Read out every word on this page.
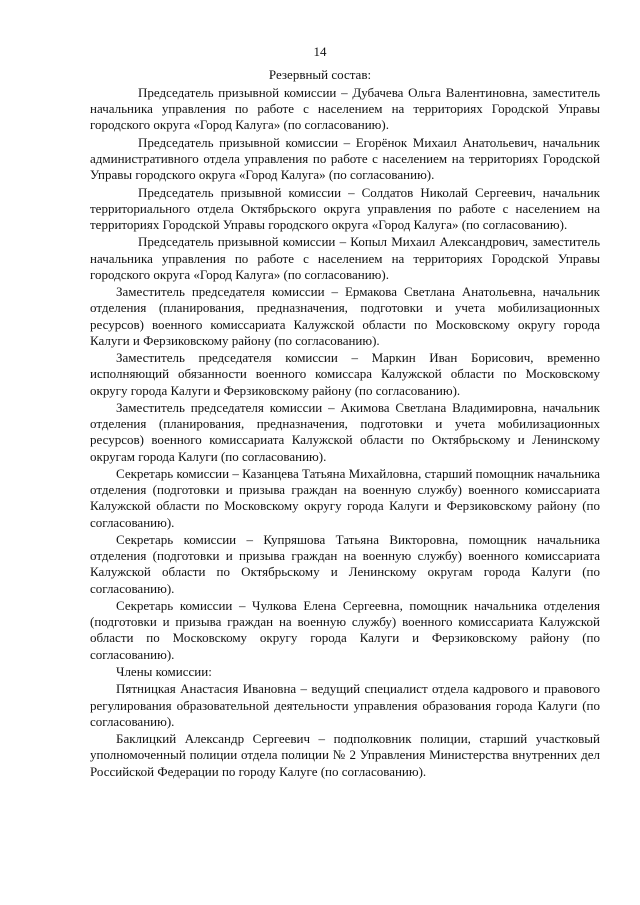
14
Резервный состав:

Председатель призывной комиссии – Дубачева Ольга Валентиновна, заместитель начальника управления по работе с населением на территориях Городской Управы городского округа «Город Калуга» (по согласованию).

Председатель призывной комиссии – Егорёнок Михаил Анатольевич, начальник административного отдела управления по работе с населением на территориях Городской Управы городского округа «Город Калуга» (по согласованию).

Председатель призывной комиссии – Солдатов Николай Сергеевич, начальник территориального отдела Октябрьского округа управления по работе с населением на территориях Городской Управы городского округа «Город Калуга» (по согласованию).

Председатель призывной комиссии – Копыл Михаил Александрович, заместитель начальника управления по работе с населением на территориях Городской Управы городского округа «Город Калуга» (по согласованию).

Заместитель председателя комиссии – Ермакова Светлана Анатольевна, начальник отделения (планирования, предназначения, подготовки и учета мобилизационных ресурсов) военного комиссариата Калужской области по Московскому округу города Калуги и Ферзиковскому району (по согласованию).

Заместитель председателя комиссии – Маркин Иван Борисович, временно исполняющий обязанности военного комиссара Калужской области по Московскому округу города Калуги и Ферзиковскому району (по согласованию).

Заместитель председателя комиссии – Акимова Светлана Владимировна, начальник отделения (планирования, предназначения, подготовки и учета мобилизационных ресурсов) военного комиссариата Калужской области по Октябрьскому и Ленинскому округам города Калуги (по согласованию).

Секретарь комиссии – Казанцева Татьяна Михайловна, старший помощник начальника отделения (подготовки и призыва граждан на военную службу) военного комиссариата Калужской области по Московскому округу города Калуги и Ферзиковскому району (по согласованию).

Секретарь комиссии – Купряшова Татьяна Викторовна, помощник начальника отделения (подготовки и призыва граждан на военную службу) военного комиссариата Калужской области по Октябрьскому и Ленинскому округам города Калуги (по согласованию).

Секретарь комиссии – Чулкова Елена Сергеевна, помощник начальника отделения (подготовки и призыва граждан на военную службу) военного комиссариата Калужской области по Московскому округу города Калуги и Ферзиковскому району (по согласованию).

Члены комиссии:

Пятницкая Анастасия Ивановна – ведущий специалист отдела кадрового и правового регулирования образовательной деятельности управления образования города Калуги (по согласованию).

Баклицкий Александр Сергеевич – подполковник полиции, старший участковый уполномоченный полиции отдела полиции № 2 Управления Министерства внутренних дел Российской Федерации по городу Калуге (по согласованию).
